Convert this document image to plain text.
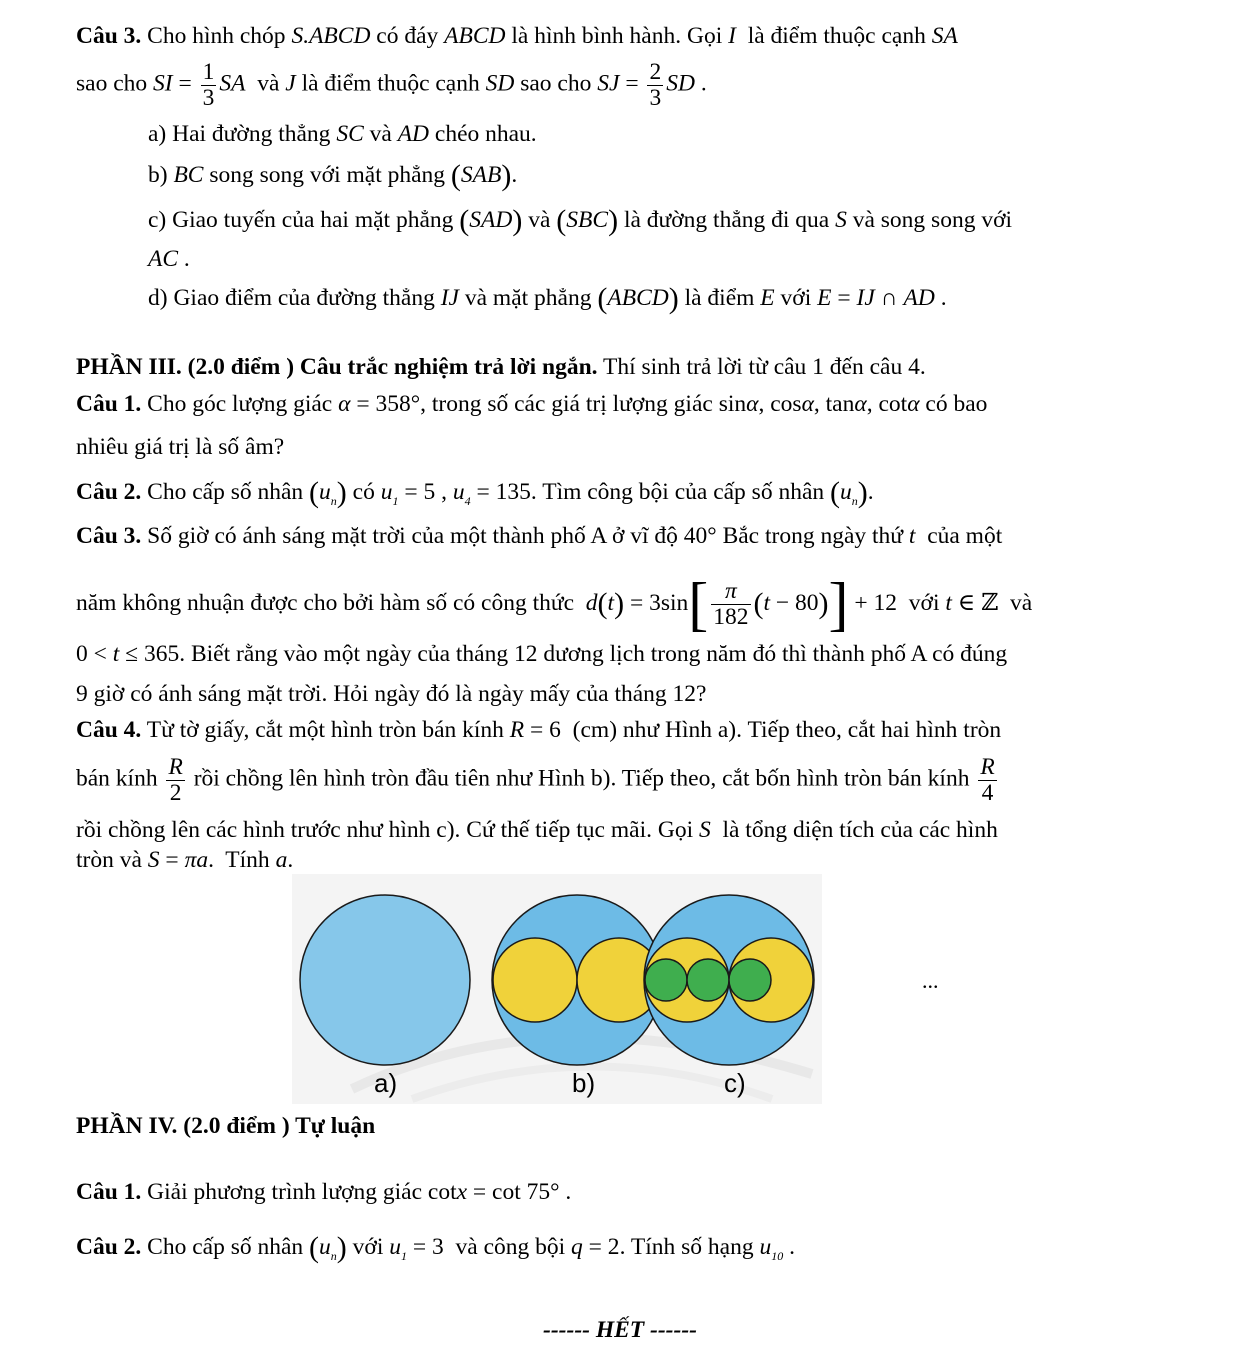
Câu 3. Cho hình chóp S.ABCD có đáy ABCD là hình bình hành. Gọi I là điểm thuộc cạnh SA
sao cho SI = $\frac{1}{3}$ SA và J là điểm thuộc cạnh SD sao cho SJ = $\frac{2}{3}$ SD .
a) Hai đường thẳng SC và AD chéo nhau.
b) BC song song với mặt phẳng (SAB).
c) Giao tuyến của hai mặt phẳng (SAD) và (SBC) là đường thẳng đi qua S và song song với
AC .
d) Giao điểm của đường thẳng IJ và mặt phẳng (ABCD) là điểm E với E = IJ ∩ AD .
PHẦN III. (2.0 điểm ) Câu trắc nghiệm trả lời ngắn. Thí sinh trả lời từ câu 1 đến câu 4.
Câu 1. Cho góc lượng giác α = 358°, trong số các giá trị lượng giác sinα, cosα, tanα, cotα có bao
nhiêu giá trị là số âm?
Câu 2. Cho cấp số nhân $(u_n)$ có $u_1 = 5$ , $u_4 = 135$. Tìm công bội của cấp số nhân $(u_n)$.
Câu 3. Số giờ có ánh sáng mặt trời của một thành phố A ở vĩ độ 40° Bắc trong ngày thứ t của một
năm không nhuận được cho bởi hàm số có công thức $d(t) = 3\sin[ \frac{\pi}{182} (t - 80)] + 12$  với t ∈ ℤ  và
0 < t ≤ 365. Biết rằng vào một ngày của tháng 12 dương lịch trong năm đó thì thành phố A có đúng
9 giờ có ánh sáng mặt trời. Hỏi ngày đó là ngày mấy của tháng 12?
Câu 4. Từ tờ giấy, cắt một hình tròn bán kính R = 6  (cm) như Hình a). Tiếp theo, cắt hai hình tròn
bán kính $\frac{R}{2}$ rồi chồng lên hình tròn đầu tiên như Hình b). Tiếp theo, cắt bốn hình tròn bán kính $\frac{R}{4}$
rồi chồng lên các hình trước như hình c). Cứ thế tiếp tục mãi. Gọi S là tổng diện tích của các hình
tròn và S = πa.  Tính a.
a)	b)	c)
...
PHẦN IV. (2.0 điểm ) Tự luận
Câu 1. Giải phương trình lượng giác cotx = cot 75° .
Câu 2. Cho cấp số nhân $(u_n)$ với $u_1 = 3$  và công bội q = 2. Tính số hạng $u_{10}$ .
------ HẾT ------
